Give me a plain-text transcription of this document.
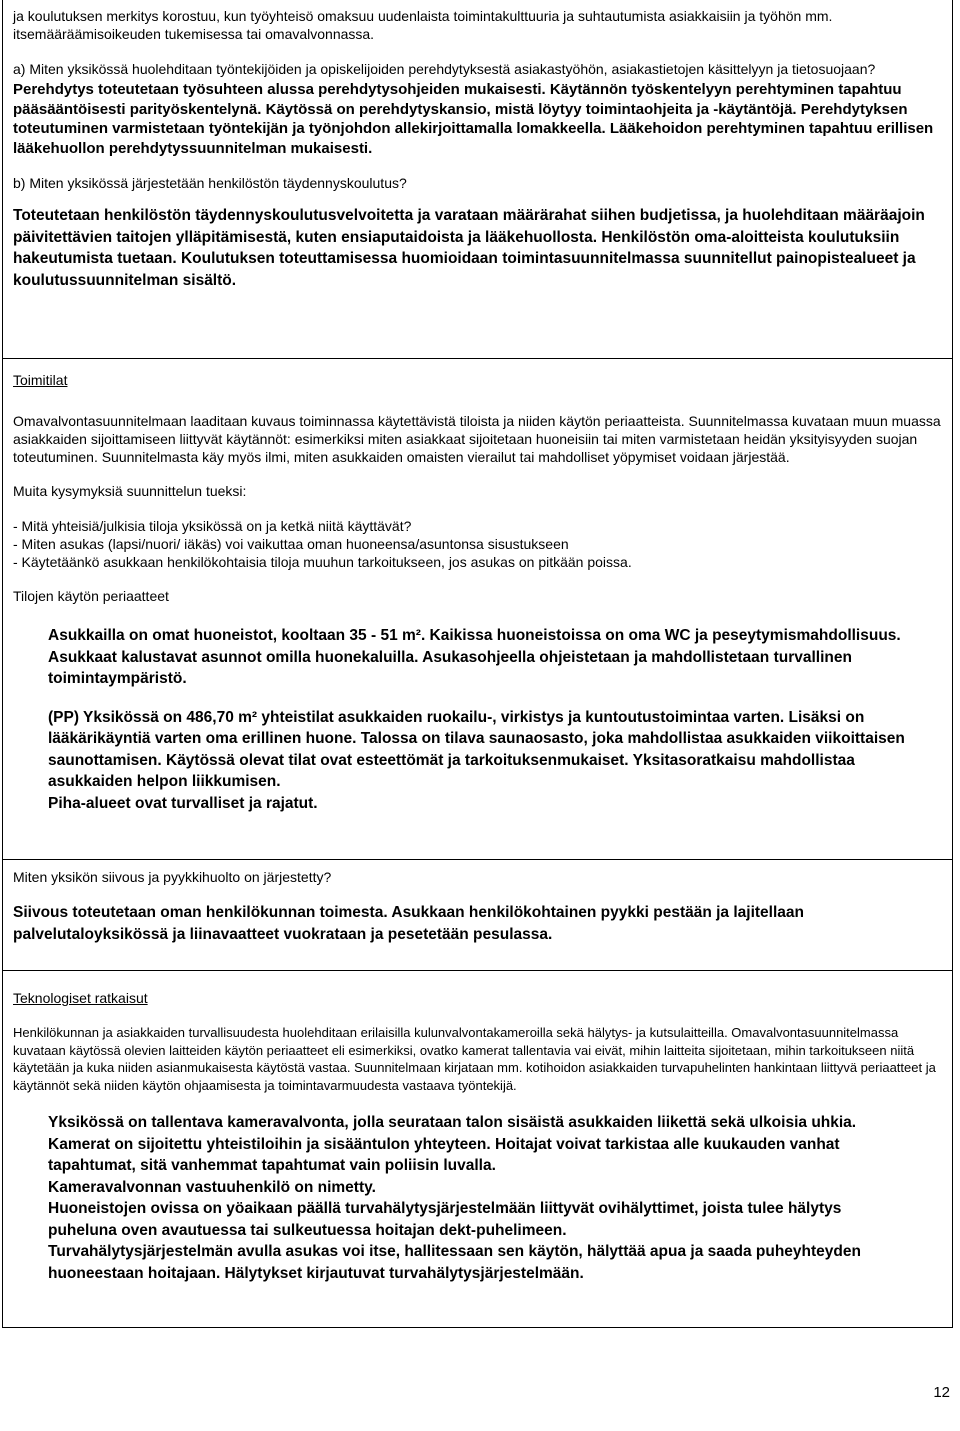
ja koulutuksen merkitys korostuu, kun työyhteisö omaksuu uudenlaista toimintakulttuuria ja suhtautumista asiakkaisiin ja työhön mm. itsemääräämisoikeuden tukemisessa tai omavalvonnassa.

a) Miten yksikössä huolehditaan työntekijöiden ja opiskelijoiden perehdytyksestä asiakastyöhön, asiakastietojen käsittelyyn ja tietosuojaan?

Perehdytys toteutetaan työsuhteen alussa perehdytysohjeiden mukaisesti. Käytännön työskentelyyn perehtyminen tapahtuu pääsääntöisesti parityöskentelynä. Käytössä on perehdytyskansio, mistä löytyy toimintaohjeita ja -käytäntöjä. Perehdytyksen toteutuminen varmistetaan työntekijän ja työnjohdon allekirjoittamalla lomakkeella. Lääkehoidon perehtyminen tapahtuu erillisen lääkehuollon perehdytyssuunnitelman mukaisesti.

b) Miten yksikössä järjestetään henkilöstön täydennyskoulutus?

Toteutetaan henkilöstön täydennyskoulutusvelvoitetta ja varataan määrärahat siihen budjetissa, ja huolehditaan määräajoin päivitettävien taitojen ylläpitämisestä, kuten ensiaputaidoista ja lääkehuollosta. Henkilöstön oma-aloitteista koulutuksiin hakeutumista tuetaan. Koulutuksen toteuttamisessa huomioidaan toimintasuunnitelmassa suunnitellut painopistealueet ja koulutussuunnitelman sisältö.

Toimitilat

Omavalvontasuunnitelmaan laaditaan kuvaus toiminnassa käytettävistä tiloista ja niiden käytön periaatteista. Suunnitelmassa kuvataan muun muassa asiakkaiden sijoittamiseen liittyvät käytännöt: esimerkiksi miten asiakkaat sijoitetaan huoneisiin tai miten varmistetaan heidän yksityisyyden suojan toteutuminen. Suunnitelmasta käy myös ilmi, miten asukkaiden omaisten vierailut tai mahdolliset yöpymiset voidaan järjestää.

Muita kysymyksiä suunnittelun tueksi:

- Mitä yhteisiä/julkisia tiloja yksikössä on ja ketkä niitä käyttävät?

- Miten asukas (lapsi/nuori/ iäkäs) voi vaikuttaa oman huoneensa/asuntonsa sisustukseen

- Käytetäänkö asukkaan henkilökohtaisia tiloja muuhun tarkoitukseen, jos asukas on pitkään poissa.

Tilojen käytön periaatteet

Asukkailla on omat huoneistot, kooltaan 35 - 51 m². Kaikissa huoneistoissa on oma WC ja peseytymismahdollisuus. Asukkaat kalustavat asunnot omilla huonekaluilla. Asukasohjeella ohjeistetaan ja mahdollistetaan turvallinen toimintaympäristö.

(PP) Yksikössä on 486,70 m² yhteistilat asukkaiden ruokailu-, virkistys ja kuntoutustoimintaa varten. Lisäksi on lääkärikäyntiä varten oma erillinen huone. Talossa on tilava saunaosasto, joka mahdollistaa asukkaiden viikoittaisen saunottamisen. Käytössä olevat tilat ovat esteettömät ja tarkoituksenmukaiset. Yksitasoratkaisu mahdollistaa asukkaiden helpon liikkumisen.

Piha-alueet ovat turvalliset ja rajatut.

Miten yksikön siivous ja pyykkihuolto on järjestetty?

Siivous toteutetaan oman henkilökunnan toimesta. Asukkaan henkilökohtainen pyykki pestään ja lajitellaan palvelutaloyksikössä ja liinavaatteet vuokrataan ja pesetetään pesulassa.

Teknologiset ratkaisut

Henkilökunnan ja asiakkaiden turvallisuudesta huolehditaan erilaisilla kulunvalvontakameroilla sekä hälytys- ja kutsulaitteilla. Omavalvontasuunnitelmassa kuvataan käytössä olevien laitteiden käytön periaatteet eli esimerkiksi, ovatko kamerat tallentavia vai eivät, mihin laitteita sijoitetaan, mihin tarkoitukseen niitä käytetään ja kuka niiden asianmukaisesta käytöstä vastaa. Suunnitelmaan kirjataan mm. kotihoidon asiakkaiden turvapuhelinten hankintaan liittyvä periaatteet ja käytännöt sekä niiden käytön ohjaamisesta ja toimintavarmuudesta vastaava työntekijä.

Yksikössä on tallentava kameravalvonta, jolla seurataan talon sisäistä asukkaiden liikettä sekä ulkoisia uhkia. Kamerat on sijoitettu yhteistiloihin ja sisääntulon yhteyteen. Hoitajat voivat tarkistaa alle kuukauden vanhat tapahtumat, sitä vanhemmat tapahtumat vain poliisin luvalla.

Kameravalvonnan vastuuhenkilö on nimetty.

Huoneistojen ovissa on yöaikaan päällä turvahälytysjärjestelmään liittyvät ovihälyttimet, joista tulee hälytys puheluna oven avautuessa tai sulkeutuessa hoitajan dekt-puhelimeen.

Turvahälytysjärjestelmän avulla asukas voi itse, hallitessaan sen käytön, hälyttää apua ja saada puheyhteyden huoneestaan hoitajaan. Hälytykset kirjautuvat turvahälytysjärjestelmään.

12
